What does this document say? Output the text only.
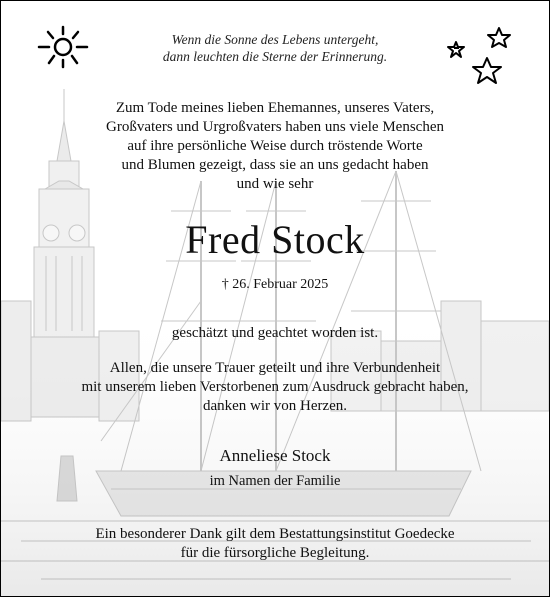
Wenn die Sonne des Lebens untergeht,
dann leuchten die Sterne der Erinnerung.
Zum Tode meines lieben Ehemannes, unseres Vaters,
Großvaters und Urgroßvaters haben uns viele Menschen
auf ihre persönliche Weise durch tröstende Worte
und Blumen gezeigt, dass sie an uns gedacht haben
und wie sehr
Fred Stock
† 26. Februar 2025
geschätzt und geachtet worden ist.
Allen, die unsere Trauer geteilt und ihre Verbundenheit
mit unserem lieben Verstorbenen zum Ausdruck gebracht haben,
danken wir von Herzen.
Anneliese Stock
im Namen der Familie
Ein besonderer Dank gilt dem Bestattungsinstitut Goedecke
für die fürsorgliche Begleitung.
